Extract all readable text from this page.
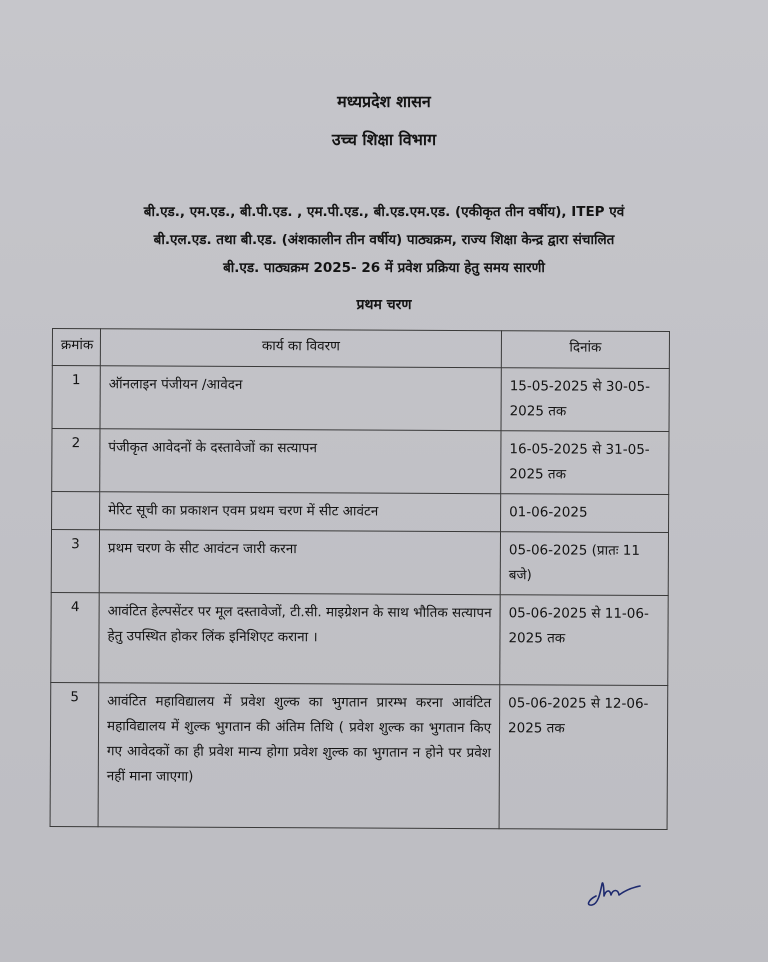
मध्यप्रदेश शासन
उच्च शिक्षा विभाग
बी.एड., एम.एड., बी.पी.एड. , एम.पी.एड., बी.एड.एम.एड. (एकीकृत तीन वर्षीय), ITEP एवं
बी.एल.एड. तथा बी.एड. (अंशकालीन तीन वर्षीय) पाठ्यक्रम, राज्य शिक्षा केन्द्र द्वारा संचालित
बी.एड. पाठ्यक्रम 2025- 26 में प्रवेश प्रक्रिया हेतु समय सारणी
प्रथम चरण
क्रमांक	कार्य का विवरण	दिनांक
1	ऑनलाइन पंजीयन /आवेदन	15-05-2025 से 30-05-2025 तक
2	पंजीकृत आवेदनों के दस्तावेजों का सत्यापन	16-05-2025 से 31-05-2025 तक
	मेरिट सूची का प्रकाशन एवम प्रथम चरण में सीट आवंटन	01-06-2025
3	प्रथम चरण के सीट आवंटन जारी करना	05-06-2025 (प्रातः 11 बजे)
4	आवंटित हेल्पसेंटर पर मूल दस्तावेजों, टी.सी. माइग्रेशन के साथ भौतिक सत्यापन हेतु उपस्थित होकर लिंक इनिशिएट कराना ।	05-06-2025 से 11-06-2025 तक
5	आवंटित महाविद्यालय में प्रवेश शुल्क का भुगतान प्रारम्भ करना आवंटित महाविद्यालय में शुल्क भुगतान की अंतिम तिथि ( प्रवेश शुल्क का भुगतान किए गए आवेदकों का ही प्रवेश मान्य होगा प्रवेश शुल्क का भुगतान न होने पर प्रवेश नहीं माना जाएगा)	05-06-2025 से 12-06-2025 तक
